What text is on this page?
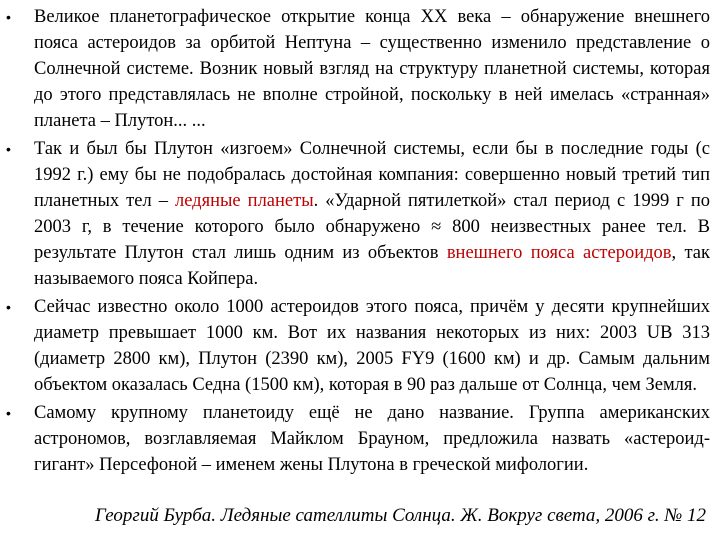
• Великое планетографическое открытие конца ХХ века – обнаружение внешнего пояса астероидов за орбитой Нептуна – существенно изменило представление о Солнечной системе. Возник новый взгляд на структуру планетной системы, которая до этого представлялась не вполне стройной, поскольку в ней имелась «странная» планета – Плутон... ...
• Так и был бы Плутон «изгоем» Солнечной системы, если бы в последние годы (с 1992 г.) ему бы не подобралась достойная компания: совершенно новый третий тип планетных тел – ледяные планеты. «Ударной пятилеткой» стал период с 1999 г по 2003 г, в течение которого было обнаружено ≈ 800 неизвестных ранее тел. В результате Плутон стал лишь одним из объектов внешнего пояса астероидов, так называемого пояса Койпера.
• Сейчас известно около 1000 астероидов этого пояса, причём у десяти крупнейших диаметр превышает 1000 км. Вот их названия некоторых из них: 2003 UB 313 (диаметр 2800 км), Плутон (2390 км), 2005 FY9 (1600 км) и др. Самым дальним объектом оказалась Седна (1500 км), которая в 90 раз дальше от Солнца, чем Земля.
• Самому крупному планетоиду ещё не дано название. Группа американских астрономов, возглавляемая Майклом Брауном, предложила назвать «астероид-гигант» Персефоной – именем жены Плутона в греческой мифологии.
Георгий Бурба. Ледяные сателлиты Солнца. Ж. Вокруг света, 2006 г. № 12
